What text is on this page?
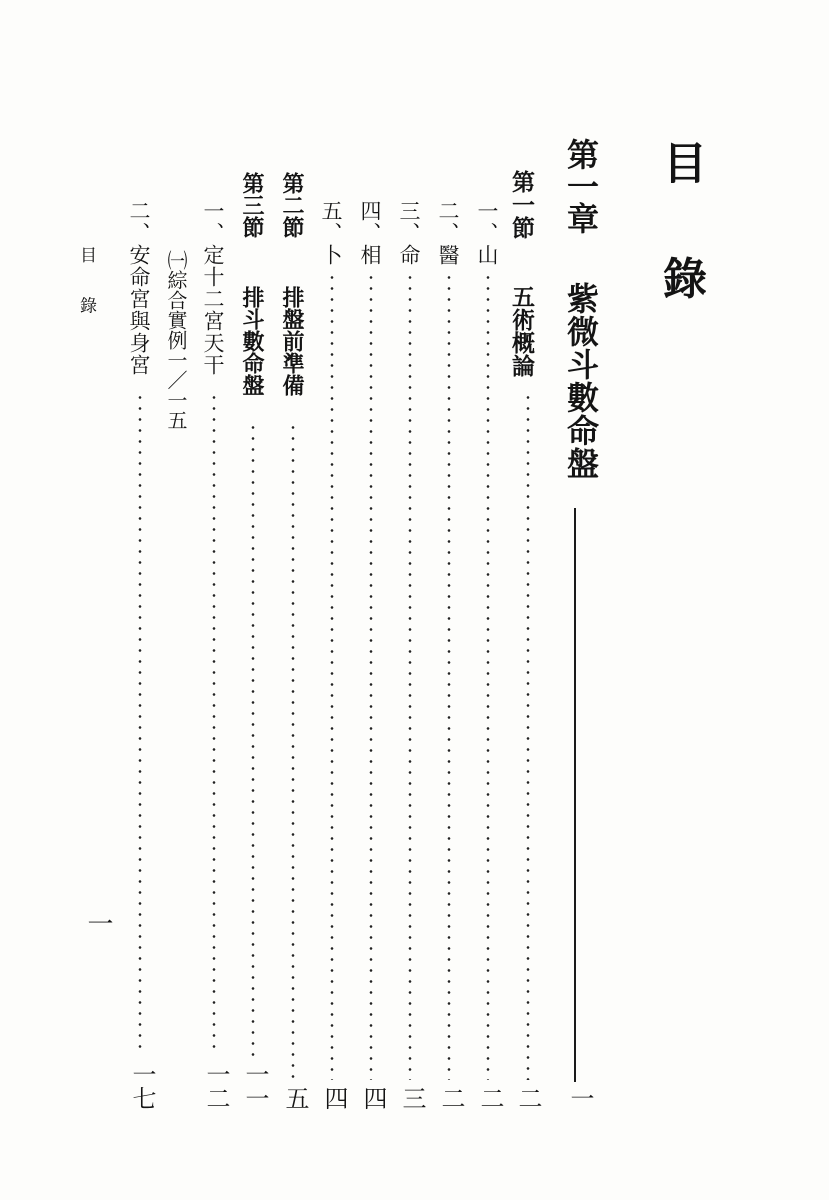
目 錄
第一章
紫微斗數命盤
一
第一節
五術概論
二
一、山
二
二、醫
二
三、命
三
四、相
四
五、卜
四
第二節
排盤前準備
五
第三節
排斗數命盤
一一
一、定十二宮天干
一二
㈠綜合實例一／一五
二、安命宮與身宮
一七
目 錄
一
